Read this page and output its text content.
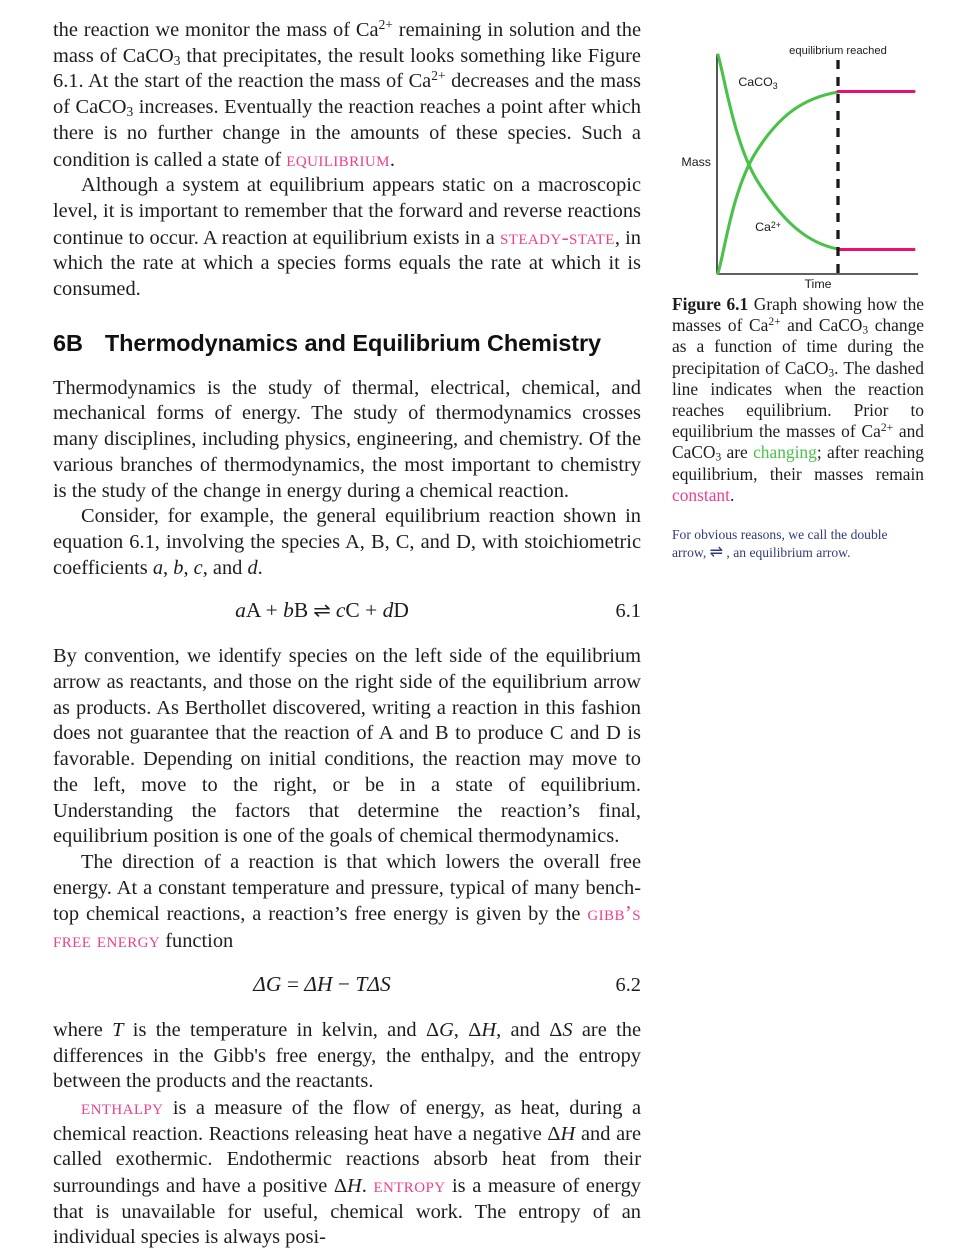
the reaction we monitor the mass of $Ca^{2+}$ remaining in solution and the mass of CaCO$_3$ that precipitates, the result looks something like Figure 6.1. At the start of the reaction the mass of $Ca^{2+}$ decreases and the mass of CaCO$_3$ increases. Eventually the reaction reaches a point after which there is no further change in the amounts of these species. Such a condition is called a state of equilibrium.

Although a system at equilibrium appears static on a macroscopic level, it is important to remember that the forward and reverse reactions continue to occur. A reaction at equilibrium exists in a steady-state, in which the rate at which a species forms equals the rate at which it is consumed.

6B Thermodynamics and Equilibrium Chemistry

Thermodynamics is the study of thermal, electrical, chemical, and mechanical forms of energy. The study of thermodynamics crosses many disciplines, including physics, engineering, and chemistry. Of the various branches of thermodynamics, the most important to chemistry is the study of the change in energy during a chemical reaction.

Consider, for example, the general equilibrium reaction shown in equation 6.1, involving the species A, B, C, and D, with stoichiometric coefficients a, b, c, and d.

aA + bB ⇌ cC + dD	6.1

By convention, we identify species on the left side of the equilibrium arrow as reactants, and those on the right side of the equilibrium arrow as products. As Berthollet discovered, writing a reaction in this fashion does not guarantee that the reaction of A and B to produce C and D is favorable. Depending on initial conditions, the reaction may move to the left, move to the right, or be in a state of equilibrium. Understanding the factors that determine the reaction’s final, equilibrium position is one of the goals of chemical thermodynamics.

The direction of a reaction is that which lowers the overall free energy. At a constant temperature and pressure, typical of many bench-top chemical reactions, a reaction’s free energy is given by the gibb’s free energy function

ΔG = ΔH − TΔS	6.2

where T is the temperature in kelvin, and ΔG, ΔH, and ΔS are the differences in the Gibb's free energy, the enthalpy, and the entropy between the products and the reactants.

enthalpy is a measure of the flow of energy, as heat, during a chemical reaction. Reactions releasing heat have a negative ΔH and are called exothermic. Endothermic reactions absorb heat from their surroundings and have a positive ΔH. entropy is a measure of energy that is unavailable for useful, chemical work. The entropy of an individual species is always posi-

equilibrium reached
Mass
Time
CaCO3
Ca2+
Figure 6.1 Graph showing how the masses of $Ca^{2+}$ and CaCO$_3$ change as a function of time during the precipitation of CaCO$_3$. The dashed line indicates when the reaction reaches equilibrium. Prior to equilibrium the masses of $Ca^{2+}$ and CaCO$_3$ are changing; after reaching equilibrium, their masses remain constant.
For obvious reasons, we call the double arrow, ⇌ , an equilibrium arrow.
